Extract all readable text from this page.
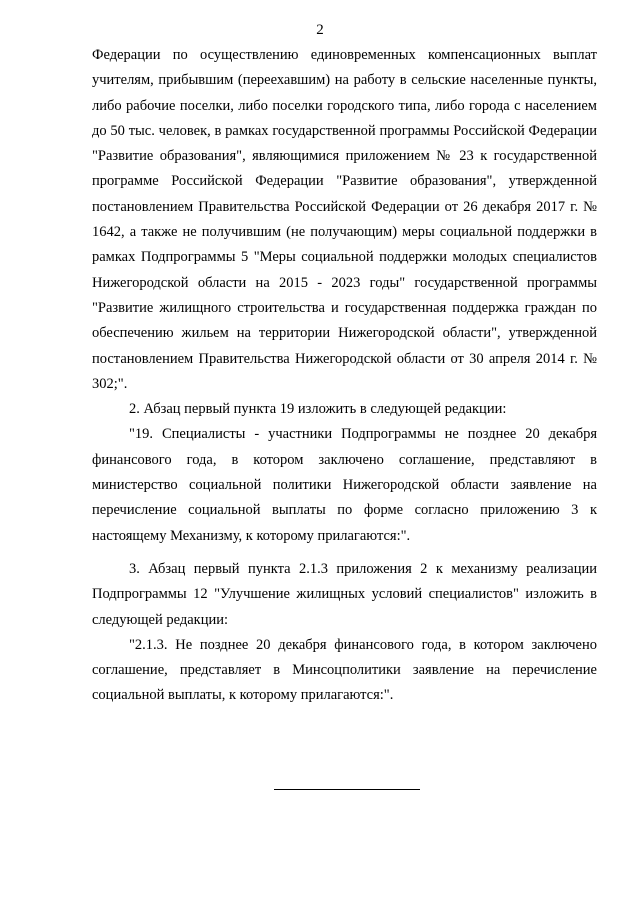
2

Федерации по осуществлению единовременных компенсационных выплат учителям, прибывшим (переехавшим) на работу в сельские населенные пункты, либо рабочие поселки, либо поселки городского типа, либо города с населением до 50 тыс. человек, в рамках государственной программы Российской Федерации "Развитие образования", являющимися приложением № 23 к государственной программе Российской Федерации "Развитие образования", утвержденной постановлением Правительства Российской Федерации от 26 декабря 2017 г. № 1642, а также не получившим (не получающим) меры социальной поддержки в рамках Подпрограммы 5 "Меры социальной поддержки молодых специалистов Нижегородской области на 2015 - 2023 годы" государственной программы "Развитие жилищного строительства и государственная поддержка граждан по обеспечению жильем на территории Нижегородской области", утвержденной постановлением Правительства Нижегородской области от 30 апреля 2014 г. № 302;".

2. Абзац первый пункта 19 изложить в следующей редакции:

"19. Специалисты - участники Подпрограммы не позднее 20 декабря финансового года, в котором заключено соглашение, представляют в министерство социальной политики Нижегородской области заявление на перечисление социальной выплаты по форме согласно приложению 3 к настоящему Механизму, к которому прилагаются:".

3. Абзац первый пункта 2.1.3 приложения 2 к механизму реализации Подпрограммы 12 "Улучшение жилищных условий специалистов" изложить в следующей редакции:

"2.1.3. Не позднее 20 декабря финансового года, в котором заключено соглашение, представляет в Минсоцполитики заявление на перечисление социальной выплаты, к которому прилагаются:".
